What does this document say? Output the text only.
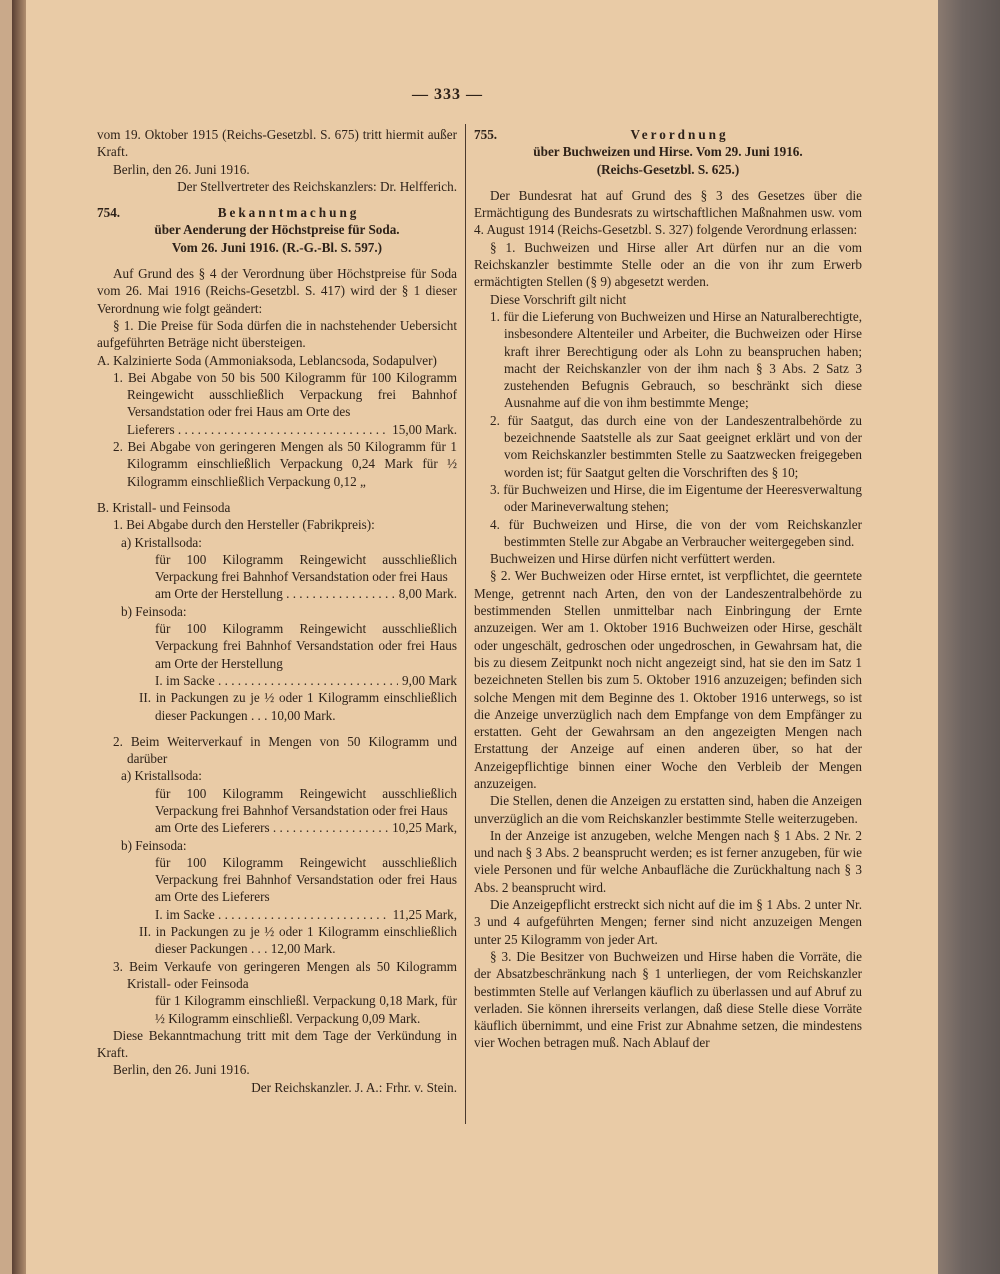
— 333 —

vom 19. Oktober 1915 (Reichs-Gesetzbl. S. 675) tritt hiermit außer Kraft.

Berlin, den 26. Juni 1916.

Der Stellvertreter des Reichskanzlers: Dr. Helfferich.

754.	Bekanntmachung

über Aenderung der Höchstpreise für Soda.

Vom 26. Juni 1916. (R.-G.-Bl. S. 597.)

Auf Grund des § 4 der Verordnung über Höchstpreise für Soda vom 26. Mai 1916 (Reichs-Gesetzbl. S. 417) wird der § 1 dieser Verordnung wie folgt geändert:

§ 1. Die Preise für Soda dürfen die in nachstehender Uebersicht aufgeführten Beträge nicht übersteigen.

A. Kalzinierte Soda (Ammoniaksoda, Leblancsoda, Sodapulver)

1. Bei Abgabe von 50 bis 500 Kilogramm für 100 Kilogramm Reingewicht ausschließlich Verpackung frei Bahnhof Versandstation oder frei Haus am Orte des

Lieferers . . .	15,00 Mark.

2. Bei Abgabe von geringeren Mengen als 50 Kilogramm für 1 Kilogramm einschließlich Verpackung 0,24 Mark für ½ Kilogramm einschließlich Verpackung 0,12 „

B. Kristall- und Feinsoda

1. Bei Abgabe durch den Hersteller (Fabrikpreis):

a) Kristallsoda:

für 100 Kilogramm Reingewicht ausschließlich Verpackung frei Bahnhof Versandstation oder frei Haus

am Orte der Herstellung . . .	8,00 Mark.

b) Feinsoda:

für 100 Kilogramm Reingewicht ausschließlich Verpackung frei Bahnhof Versandstation oder frei Haus am Orte der Herstellung

I. im Sacke . . .	9,00 Mark

II. in Packungen zu je ½ oder 1 Kilogramm einschließlich dieser Packungen . . . 10,00 Mark.

2. Beim Weiterverkauf in Mengen von 50 Kilogramm und darüber

a) Kristallsoda:

für 100 Kilogramm Reingewicht ausschließlich Verpackung frei Bahnhof Versandstation oder frei Haus

am Orte des Lieferers . . .	10,25 Mark,

b) Feinsoda:

für 100 Kilogramm Reingewicht ausschließlich Verpackung frei Bahnhof Versandstation oder frei Haus am Orte des Lieferers

I. im Sacke . . .	11,25 Mark,

II. in Packungen zu je ½ oder 1 Kilogramm einschließlich dieser Packungen . . . 12,00 Mark.

3. Beim Verkaufe von geringeren Mengen als 50 Kilogramm Kristall- oder Feinsoda

für 1 Kilogramm einschließl. Verpackung 0,18 Mark, für ½ Kilogramm einschließl. Verpackung 0,09 Mark.

Diese Bekanntmachung tritt mit dem Tage der Verkündung in Kraft.

Berlin, den 26. Juni 1916.

Der Reichskanzler. J. A.: Frhr. v. Stein.

755.	Verordnung

über Buchweizen und Hirse. Vom 29. Juni 1916.

(Reichs-Gesetzbl. S. 625.)

Der Bundesrat hat auf Grund des § 3 des Gesetzes über die Ermächtigung des Bundesrats zu wirtschaftlichen Maßnahmen usw. vom 4. August 1914 (Reichs-Gesetzbl. S. 327) folgende Verordnung erlassen:

§ 1. Buchweizen und Hirse aller Art dürfen nur an die vom Reichskanzler bestimmte Stelle oder an die von ihr zum Erwerb ermächtigten Stellen (§ 9) abgesetzt werden.

Diese Vorschrift gilt nicht

1. für die Lieferung von Buchweizen und Hirse an Naturalberechtigte, insbesondere Altenteiler und Arbeiter, die Buchweizen oder Hirse kraft ihrer Berechtigung oder als Lohn zu beanspruchen haben; macht der Reichskanzler von der ihm nach § 3 Abs. 2 Satz 3 zustehenden Befugnis Gebrauch, so beschränkt sich diese Ausnahme auf die von ihm bestimmte Menge;

2. für Saatgut, das durch eine von der Landeszentralbehörde zu bezeichnende Saatstelle als zur Saat geeignet erklärt und von der vom Reichskanzler bestimmten Stelle zu Saatzwecken freigegeben worden ist; für Saatgut gelten die Vorschriften des § 10;

3. für Buchweizen und Hirse, die im Eigentume der Heeresverwaltung oder Marineverwaltung stehen;

4. für Buchweizen und Hirse, die von der vom Reichskanzler bestimmten Stelle zur Abgabe an Verbraucher weitergegeben sind.

Buchweizen und Hirse dürfen nicht verfüttert werden.

§ 2. Wer Buchweizen oder Hirse erntet, ist verpflichtet, die geerntete Menge, getrennt nach Arten, den von der Landeszentralbehörde zu bestimmenden Stellen unmittelbar nach Einbringung der Ernte anzuzeigen. Wer am 1. Oktober 1916 Buchweizen oder Hirse, geschält oder ungeschält, gedroschen oder ungedroschen, in Gewahrsam hat, die bis zu diesem Zeitpunkt noch nicht angezeigt sind, hat sie den im Satz 1 bezeichneten Stellen bis zum 5. Oktober 1916 anzuzeigen; befinden sich solche Mengen mit dem Beginne des 1. Oktober 1916 unterwegs, so ist die Anzeige unverzüglich nach dem Empfange von dem Empfänger zu erstatten. Geht der Gewahrsam an den angezeigten Mengen nach Erstattung der Anzeige auf einen anderen über, so hat der Anzeigepflichtige binnen einer Woche den Verbleib der Mengen anzuzeigen.

Die Stellen, denen die Anzeigen zu erstatten sind, haben die Anzeigen unverzüglich an die vom Reichskanzler bestimmte Stelle weiterzugeben.

In der Anzeige ist anzugeben, welche Mengen nach § 1 Abs. 2 Nr. 2 und nach § 3 Abs. 2 beansprucht werden; es ist ferner anzugeben, für wie viele Personen und für welche Anbaufläche die Zurückhaltung nach § 3 Abs. 2 beansprucht wird.

Die Anzeigepflicht erstreckt sich nicht auf die im § 1 Abs. 2 unter Nr. 3 und 4 aufgeführten Mengen; ferner sind nicht anzuzeigen Mengen unter 25 Kilogramm von jeder Art.

§ 3. Die Besitzer von Buchweizen und Hirse haben die Vorräte, die der Absatzbeschränkung nach § 1 unterliegen, der vom Reichskanzler bestimmten Stelle auf Verlangen käuflich zu überlassen und auf Abruf zu verladen. Sie können ihrerseits verlangen, daß diese Stelle diese Vorräte käuflich übernimmt, und eine Frist zur Abnahme setzen, die mindestens vier Wochen betragen muß. Nach Ablauf der
